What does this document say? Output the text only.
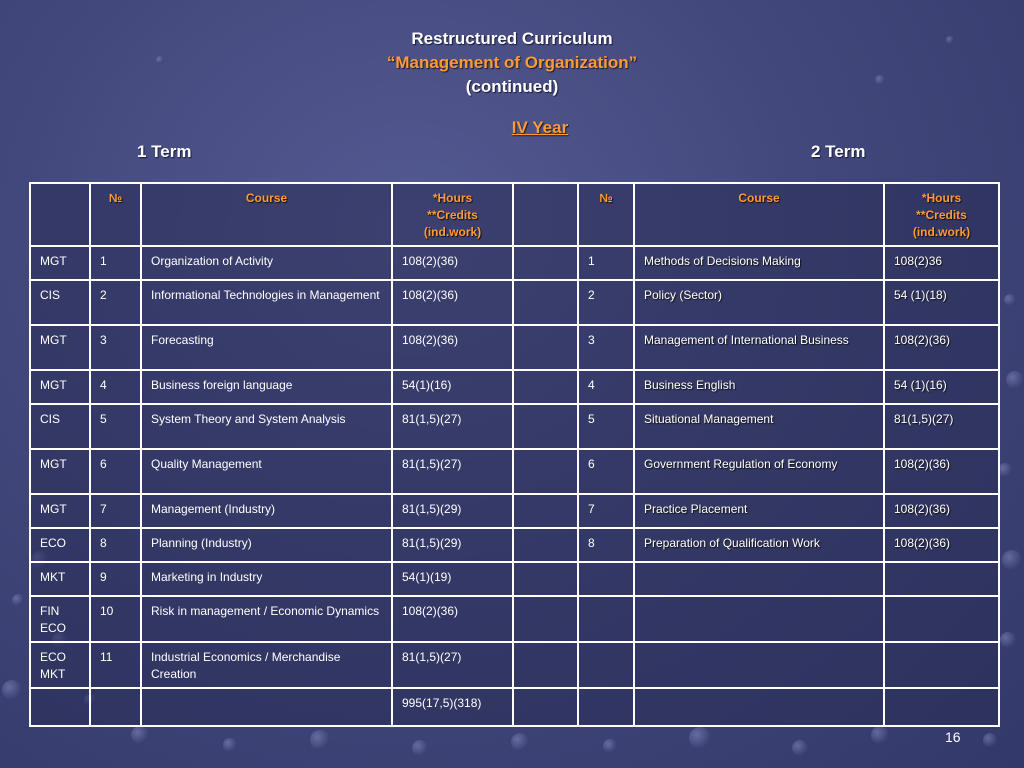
Restructured Curriculum
“Management of Organization”
(continued)
IV Year
1 Term	2 Term
	№	Course	*Hours
**Credits
(ind.work)		№	Course	*Hours
**Credits
(ind.work)
MGT	1	Organization of Activity	108(2)(36)		1	Methods of Decisions Making	108(2)36
CIS	2	Informational Technologies in Management	108(2)(36)		2	Policy (Sector)	54 (1)(18)
MGT	3	Forecasting	108(2)(36)		3	Management of International Business	108(2)(36)
MGT	4	Business foreign language	54(1)(16)		4	Business English	54 (1)(16)
CIS	5	System Theory and System Analysis	81(1,5)(27)		5	Situational Management	81(1,5)(27)
MGT	6	Quality Management	81(1,5)(27)		6	Government Regulation of Economy	108(2)(36)
MGT	7	Management (Industry)	81(1,5)(29)		7	Practice Placement	108(2)(36)
ECO	8	Planning (Industry)	81(1,5)(29)		8	Preparation of Qualification Work	108(2)(36)
MKT	9	Marketing in Industry	54(1)(19)				
FIN
ECO	10	Risk in management / Economic Dynamics	108(2)(36)				
ECO
MKT	11	Industrial Economics / Merchandise Creation	81(1,5)(27)				
			995(17,5)(318)				
16
